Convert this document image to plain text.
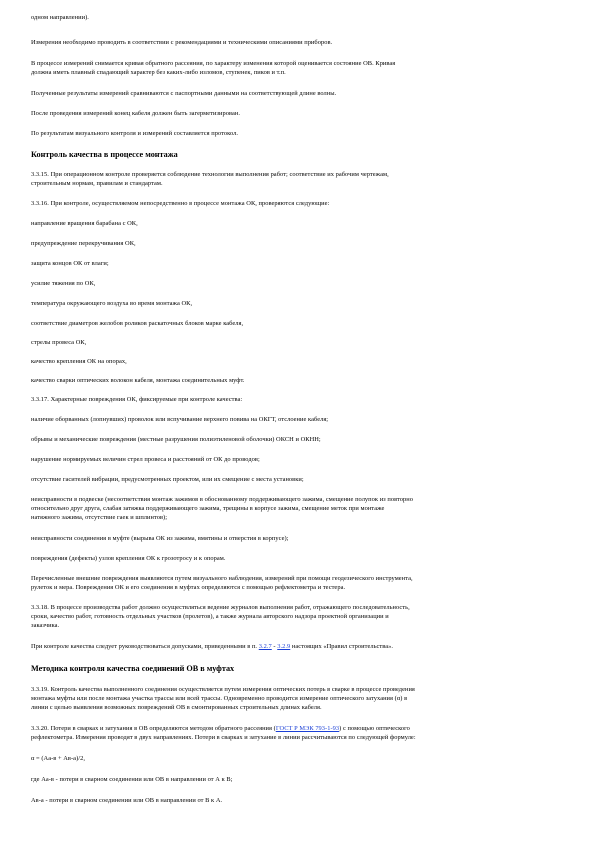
одном направлении).
Измерения необходимо проводить в соответствии с рекомендациями и техническими описаниями приборов.
В процессе измерений снимается кривая обратного рассеяния, по характеру изменения которой оценивается состояние ОВ. Кривая
должна иметь плавный спадающий характер без каких-либо изломов, ступенек, пиков и т.п.
Полученные результаты измерений сравниваются с паспортными данными на соответствующей длине волны.
После проведения измерений конец кабеля должен быть загерметизирован.
По результатам визуального контроля и измерений составляется протокол.
Контроль качества в процессе монтажа
3.3.15. При операционном контроле проверяется соблюдение технологии выполнения работ; соответствие их рабочим чертежам,
строительным нормам, правилам и стандартам.
3.3.16. При контроле, осуществляемом непосредственно в процессе монтажа ОК, проверяются следующие:
направление вращения барабана с ОК,
предупреждение перекручивания ОК,
защита концов ОК от влаги;
усилие тяжения по ОК,
температура окружающего воздуха во время монтажа ОК,
соответствие диаметров желобов роликов раскаточных блоков марке кабеля,
стрелы провеса ОК,
качество крепления ОК на опорах,
качество сварки оптических волокон кабеля, монтажа соединительных муфт.
3.3.17. Характерные повреждения ОК, фиксируемые при контроле качества:
наличие оборванных (лопнувших) проволок или вспучивание верхнего повива на ОКГТ, отслоение кабеля;
обрывы и механические повреждения (местные разрушения полиэтиленовой оболочки) ОКСН и ОКНН;
нарушение нормируемых величин стрел провеса и расстояний от ОК до проводов;
отсутствие гасителей вибрации, предусмотренных проектом, или их смещение с места установки;
неисправности в подвеске (несоответствия монтаж зажимов в обоснованному поддерживающего зажима, смещение полупок из повторно
относительно друг друга, слабая затяжка поддерживающего зажима, трещины в корпусе зажима, смещение меток при монтаже
натяжного зажима, отсутствие гаек и шплинтов);
неисправности соединения в муфте (вырыва ОК из зажима, вмятины и отверстия в корпусе);
повреждения (дефекты) узлов крепления ОК к грозотросу и к опорам.
Перечисленные внешние повреждения выявляются путем визуального наблюдения, измерений при помощи геодезического инструмента,
рулеток и мера. Повреждения ОК и его соединения в муфтах определяются с помощью рефлектометра и тестера.
3.3.18. В процессе производства работ должно осуществляться ведение журналов выполнения работ, отражающего последовательность,
сроки, качество работ, готовность отдельных участков (пролетов), а также журнала авторского надзора проектной организации и
заказчика.
При контроле качества следует руководствоваться допусками, приведенными в п. 3.2.7 - 3.2.9 настоящих «Правил строительства».
Методика контроля качества соединений ОВ в муфтах
3.3.19. Контроль качества выполненного соединения осуществляется путем измерения оптических потерь в сварке в процессе проведения
монтажа муфты или после монтажа участка трассы или всей трассы. Одновременно проводится измерение оптического затухания (α) в
линии с целью выявления возможных повреждений ОВ в смонтированных строительных длинах кабеля.
3.3.20. Потери в сварках и затухания в ОВ определяются методом обратного рассеяния (ГОСТ Р МЭК 793-1-93) с помощью оптического
рефлектометра. Измерения проводят в двух направлениях. Потери в сварках и затухание в линии рассчитываются по следующей формуле:
α = (Aa-в + Aв-a)/2,
где Aa-в - потери в сварном соединении или ОВ в направлении от А к В;
Aв-a - потери в сварном соединении или ОВ в направлении от В к А.
